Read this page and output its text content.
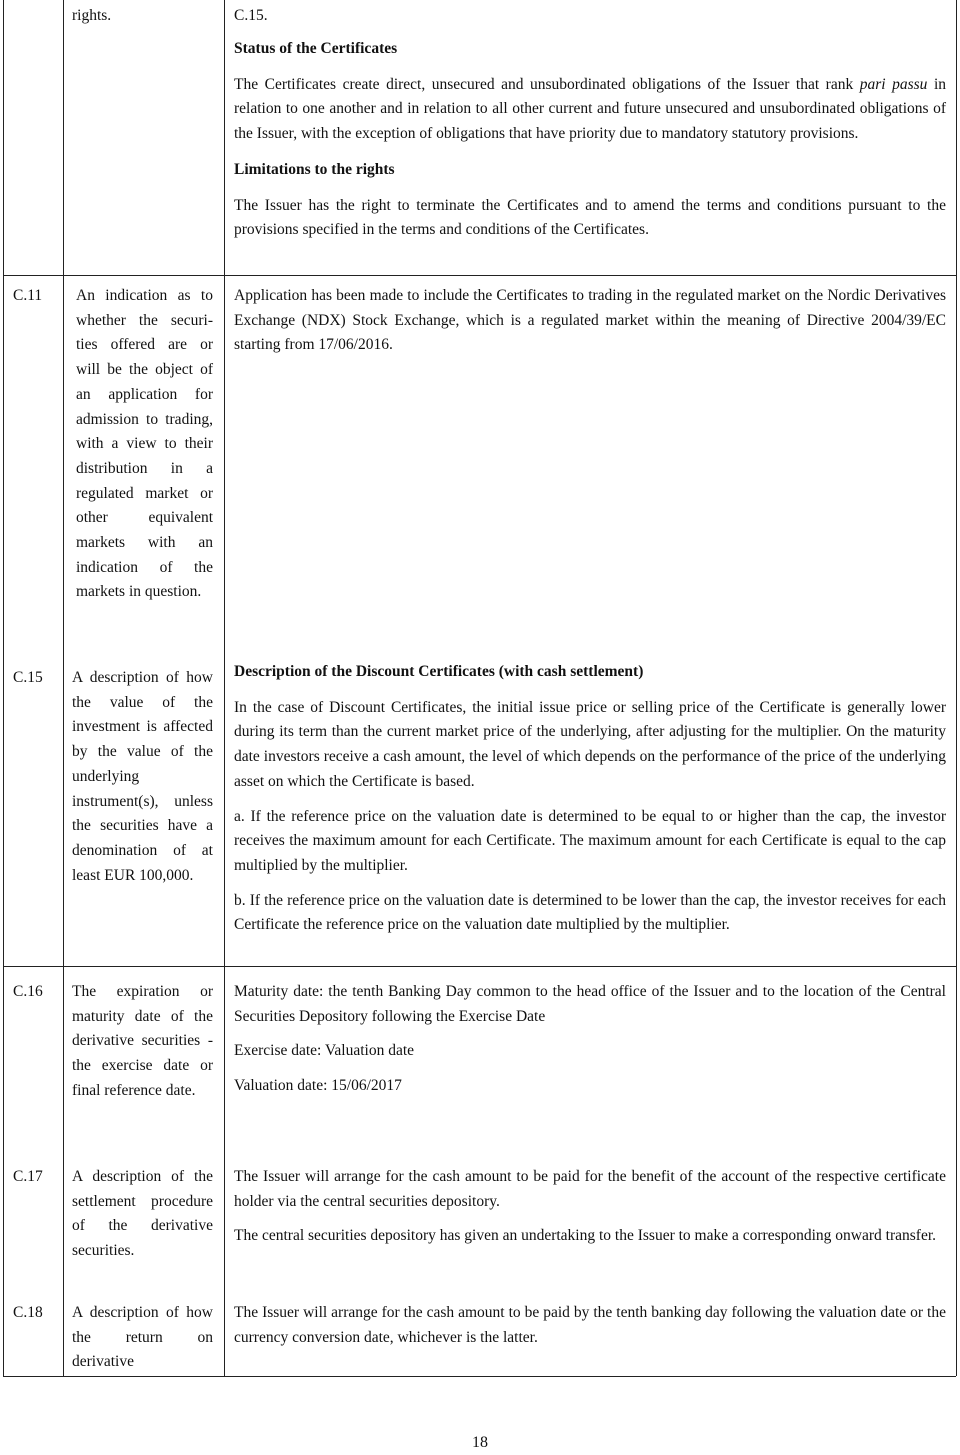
rights.	C.15.

Status of the Certificates

The Certificates create direct, unsecured and unsubordinated obligations of the Issuer that rank pari passu in relation to one another and in relation to all other current and future unsecured and unsubordinated obligations of the Issuer, with the exception of obligations that have priority due to mandatory statutory provisions.

Limitations to the rights

The Issuer has the right to terminate the Certificates and to amend the terms and conditions pursuant to the provisions specified in the terms and conditions of the Certificates.

C.11 An indication as to whether the securi-ties offered are or will be the object of an application for admission to trading, with a view to their distribution in a regulated market or other equivalent markets with an indication of the markets in question.

Application has been made to include the Certificates to trading in the regulated market on the Nordic Derivatives Exchange (NDX) Stock Exchange, which is a regulated market within the meaning of Directive 2004/39/EC starting from 17/06/2016.

C.15 A description of how the value of the investment is affected by the value of the underlying instrument(s), unless the securities have a denomination of at least EUR 100,000.

Description of the Discount Certificates (with cash settlement)

In the case of Discount Certificates, the initial issue price or selling price of the Certificate is generally lower during its term than the current market price of the underlying, after adjusting for the multiplier. On the maturity date investors receive a cash amount, the level of which depends on the performance of the price of the underlying asset on which the Certificate is based.

a. If the reference price on the valuation date is determined to be equal to or higher than the cap, the investor receives the maximum amount for each Certificate. The maximum amount for each Certificate is equal to the cap multiplied by the multiplier.

b. If the reference price on the valuation date is determined to be lower than the cap, the investor receives for each Certificate the reference price on the valuation date multiplied by the multiplier.

C.16 The expiration or maturity date of the derivative securities - the exercise date or final reference date.

Maturity date: the tenth Banking Day common to the head office of the Issuer and to the location of the Central Securities Depository following the Exercise Date

Exercise date: Valuation date

Valuation date: 15/06/2017

C.17 A description of the settlement procedure of the derivative securities.

The Issuer will arrange for the cash amount to be paid for the benefit of the account of the respective certificate holder via the central securities depository.

The central securities depository has given an undertaking to the Issuer to make a corresponding onward transfer.

C.18 A description of how the return on derivative

The Issuer will arrange for the cash amount to be paid by the tenth banking day following the valuation date or the currency conversion date, whichever is the latter.

18
